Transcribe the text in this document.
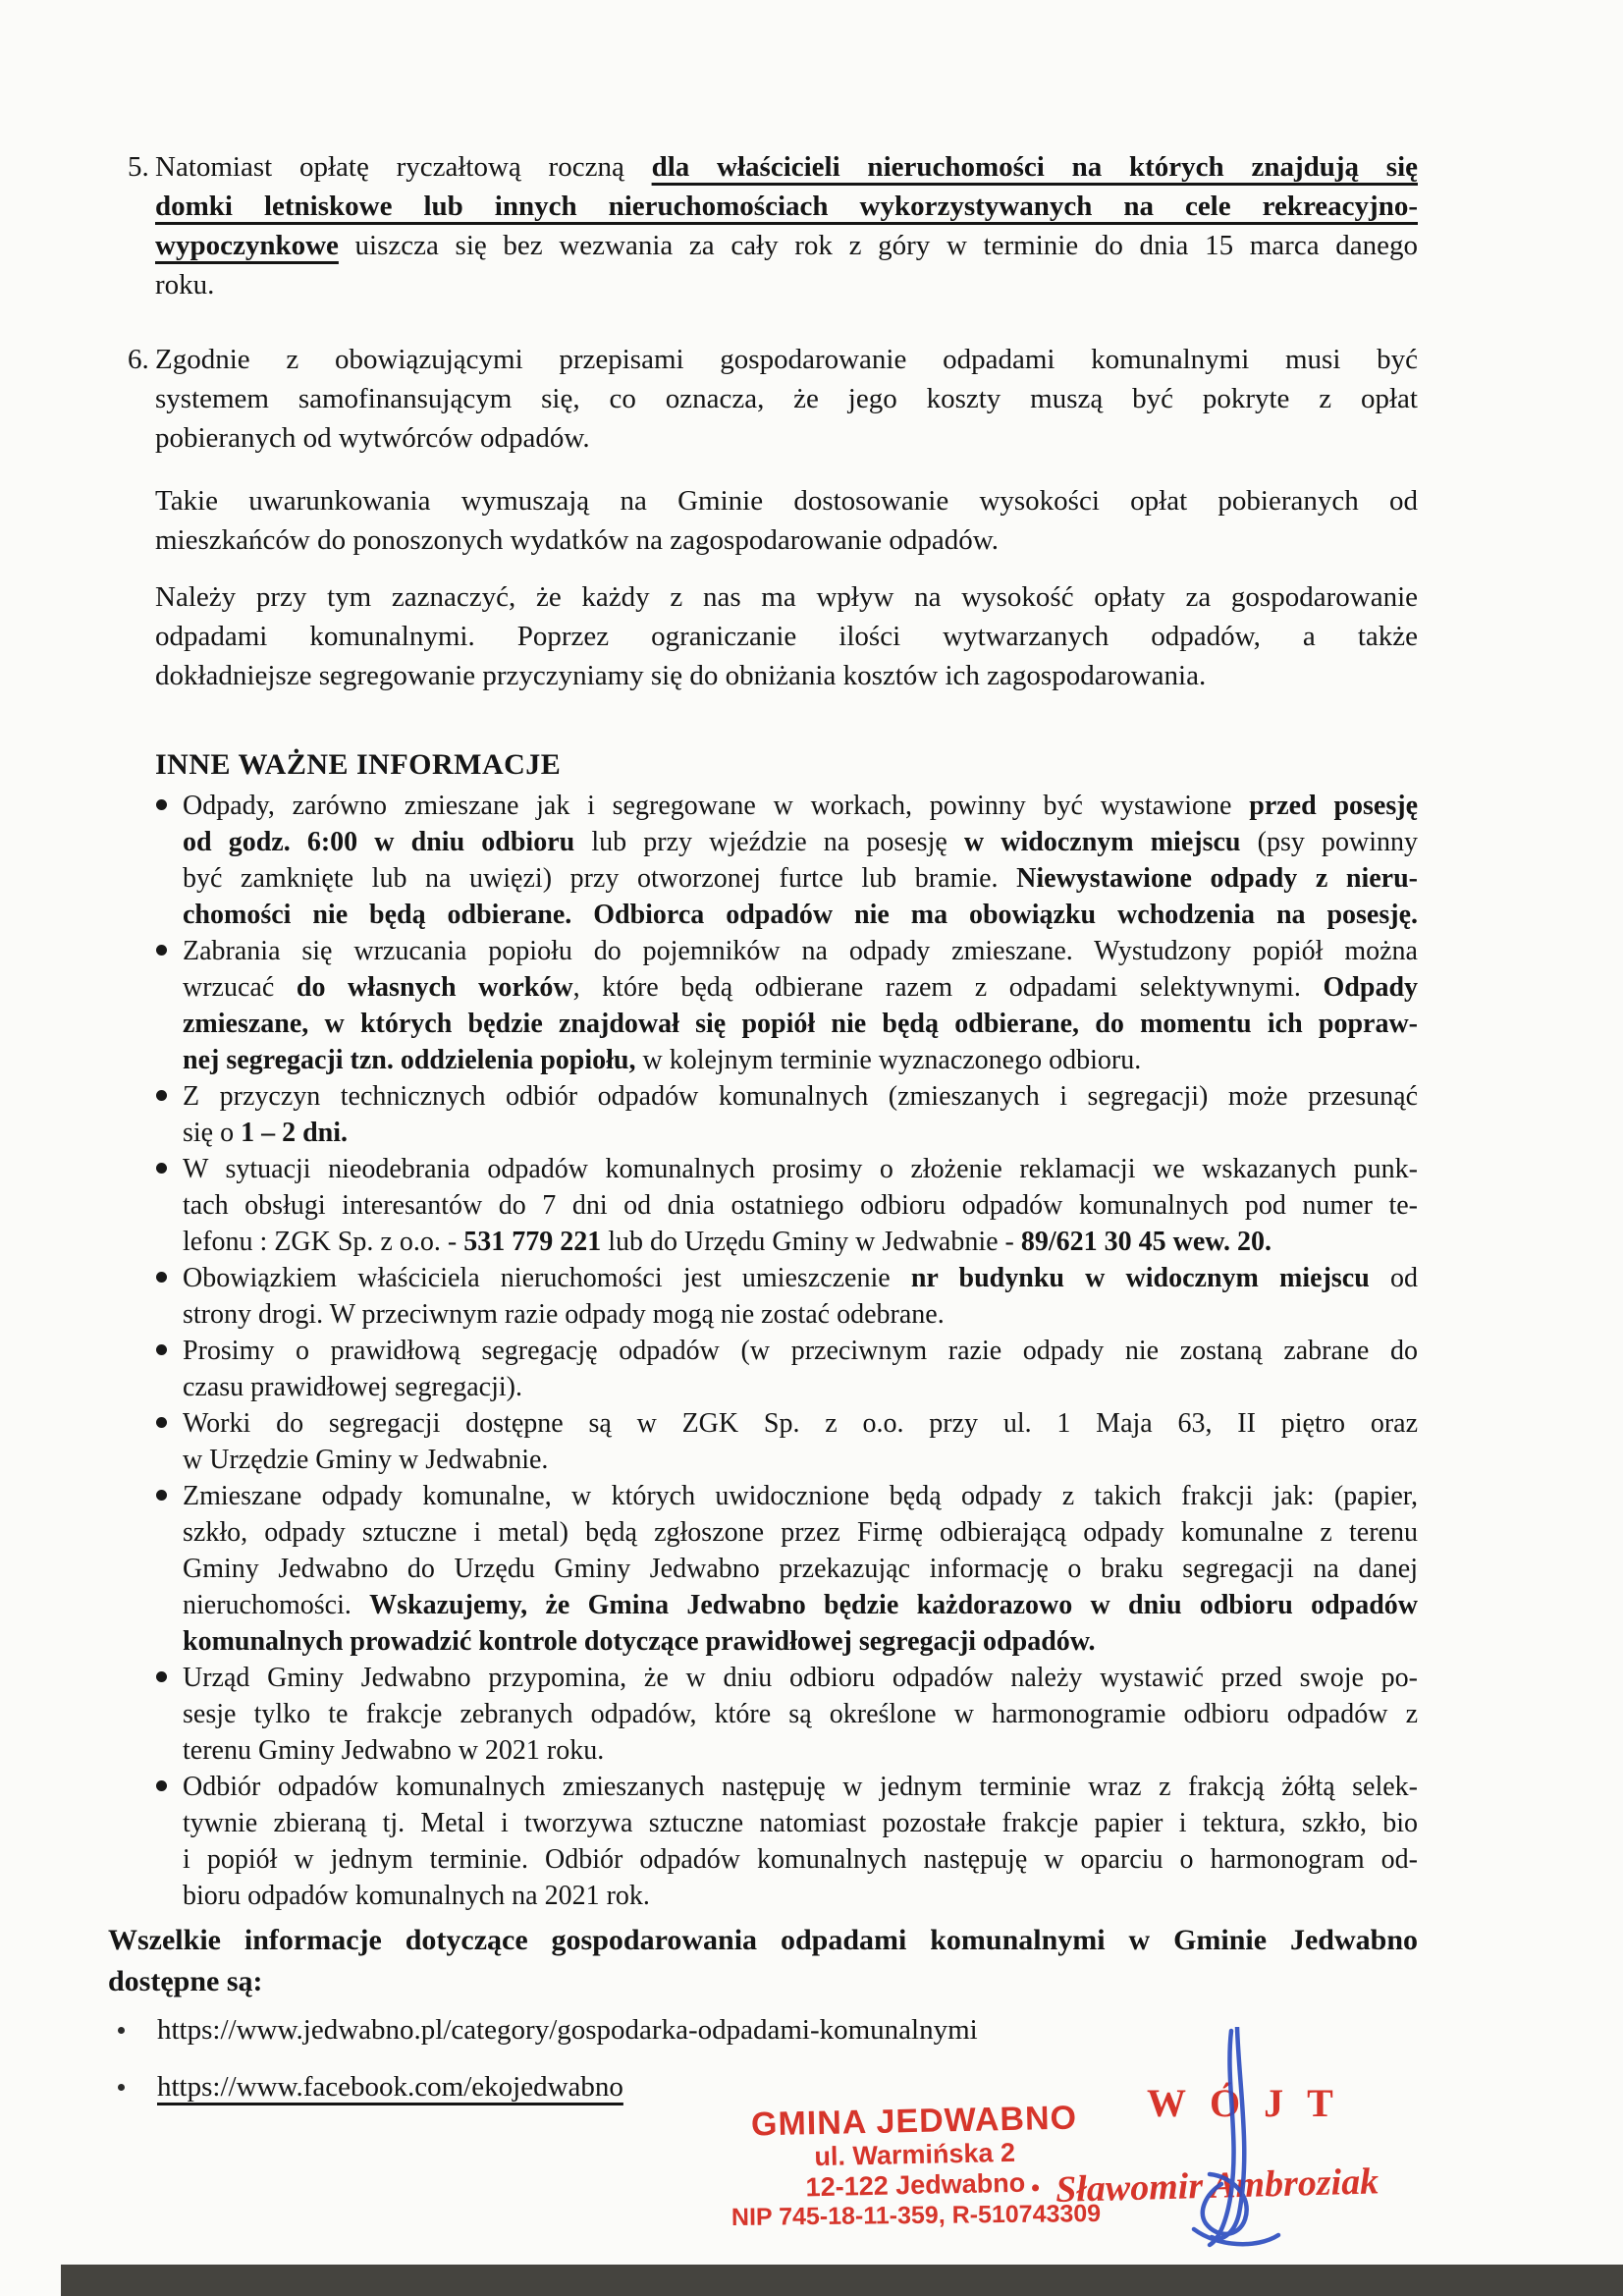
5. Natomiast opłatę ryczałtową roczną dla właścicieli nieruchomości na których znajdują się
domki letniskowe lub innych nieruchomościach wykorzystywanych na cele rekreacyjno-
wypoczynkowe uiszcza się bez wezwania za cały rok z góry w terminie do dnia 15 marca danego
roku.
6. Zgodnie z obowiązującymi przepisami gospodarowanie odpadami komunalnymi musi być
systemem samofinansującym się, co oznacza, że jego koszty muszą być pokryte z opłat
pobieranych od wytwórców odpadów.
Takie uwarunkowania wymuszają na Gminie dostosowanie wysokości opłat pobieranych od
mieszkańców do ponoszonych wydatków na zagospodarowanie odpadów.
Należy przy tym zaznaczyć, że każdy z nas ma wpływ na wysokość opłaty za gospodarowanie
odpadami komunalnymi. Poprzez ograniczanie ilości wytwarzanych odpadów, a także
dokładniejsze segregowanie przyczyniamy się do obniżania kosztów ich zagospodarowania.
INNE WAŻNE INFORMACJE
Odpady, zarówno zmieszane jak i segregowane w workach, powinny być wystawione przed posesję
od godz. 6:00 w dniu odbioru lub przy wjeździe na posesję w widocznym miejscu (psy powinny
być zamknięte lub na uwięzi) przy otworzonej furtce lub bramie. Niewystawione odpady z nieru-
chomości nie będą odbierane. Odbiorca odpadów nie ma obowiązku wchodzenia na posesję.
Zabrania się wrzucania popiołu do pojemników na odpady zmieszane. Wystudzony popiół można
wrzucać do własnych worków, które będą odbierane razem z odpadami selektywnymi. Odpady
zmieszane, w których będzie znajdował się popiół nie będą odbierane, do momentu ich popraw-
nej segregacji tzn. oddzielenia popiołu, w kolejnym terminie wyznaczonego odbioru.
Z przyczyn technicznych odbiór odpadów komunalnych (zmieszanych i segregacji) może przesunąć
się o 1 – 2 dni.
W sytuacji nieodebrania odpadów komunalnych prosimy o złożenie reklamacji we wskazanych punk-
tach obsługi interesantów do 7 dni od dnia ostatniego odbioru odpadów komunalnych pod numer te-
lefonu : ZGK Sp. z o.o. - 531 779 221 lub do Urzędu Gminy w Jedwabnie - 89/621 30 45 wew. 20.
Obowiązkiem właściciela nieruchomości jest umieszczenie nr budynku w widocznym miejscu od
strony drogi. W przeciwnym razie odpady mogą nie zostać odebrane.
Prosimy o prawidłową segregację odpadów (w przeciwnym razie odpady nie zostaną zabrane do
czasu prawidłowej segregacji).
Worki do segregacji dostępne są w ZGK Sp. z o.o. przy ul. 1 Maja 63, II piętro oraz
w Urzędzie Gminy w Jedwabnie.
Zmieszane odpady komunalne, w których uwidocznione będą odpady z takich frakcji jak: (papier,
szkło, odpady sztuczne i metal) będą zgłoszone przez Firmę odbierającą odpady komunalne z terenu
Gminy Jedwabno do Urzędu Gminy Jedwabno przekazując informację o braku segregacji na danej
nieruchomości. Wskazujemy, że Gmina Jedwabno będzie każdorazowo w dniu odbioru odpadów
komunalnych prowadzić kontrole dotyczące prawidłowej segregacji odpadów.
Urząd Gminy Jedwabno przypomina, że w dniu odbioru odpadów należy wystawić przed swoje po-
sesje tylko te frakcje zebranych odpadów, które są określone w harmonogramie odbioru odpadów z
terenu Gminy Jedwabno w 2021 roku.
Odbiór odpadów komunalnych zmieszanych następuję w jednym terminie wraz z frakcją żółtą selek-
tywnie zbieraną tj. Metal i tworzywa sztuczne natomiast pozostałe frakcje papier i tektura, szkło, bio
i popiół w jednym terminie. Odbiór odpadów komunalnych następuję w oparciu o harmonogram od-
bioru odpadów komunalnych na 2021 rok.
Wszelkie informacje dotyczące gospodarowania odpadami komunalnymi w Gminie Jedwabno
dostępne są:
https://www.jedwabno.pl/category/gospodarka-odpadami-komunalnymi
https://www.facebook.com/ekojedwabno
GMINA JEDWABNO
ul. Warmińska 2
12-122 Jedwabno
NIP 745-18-11-359, R-510743309
WÓJT
• Sławomir Ambroziak
